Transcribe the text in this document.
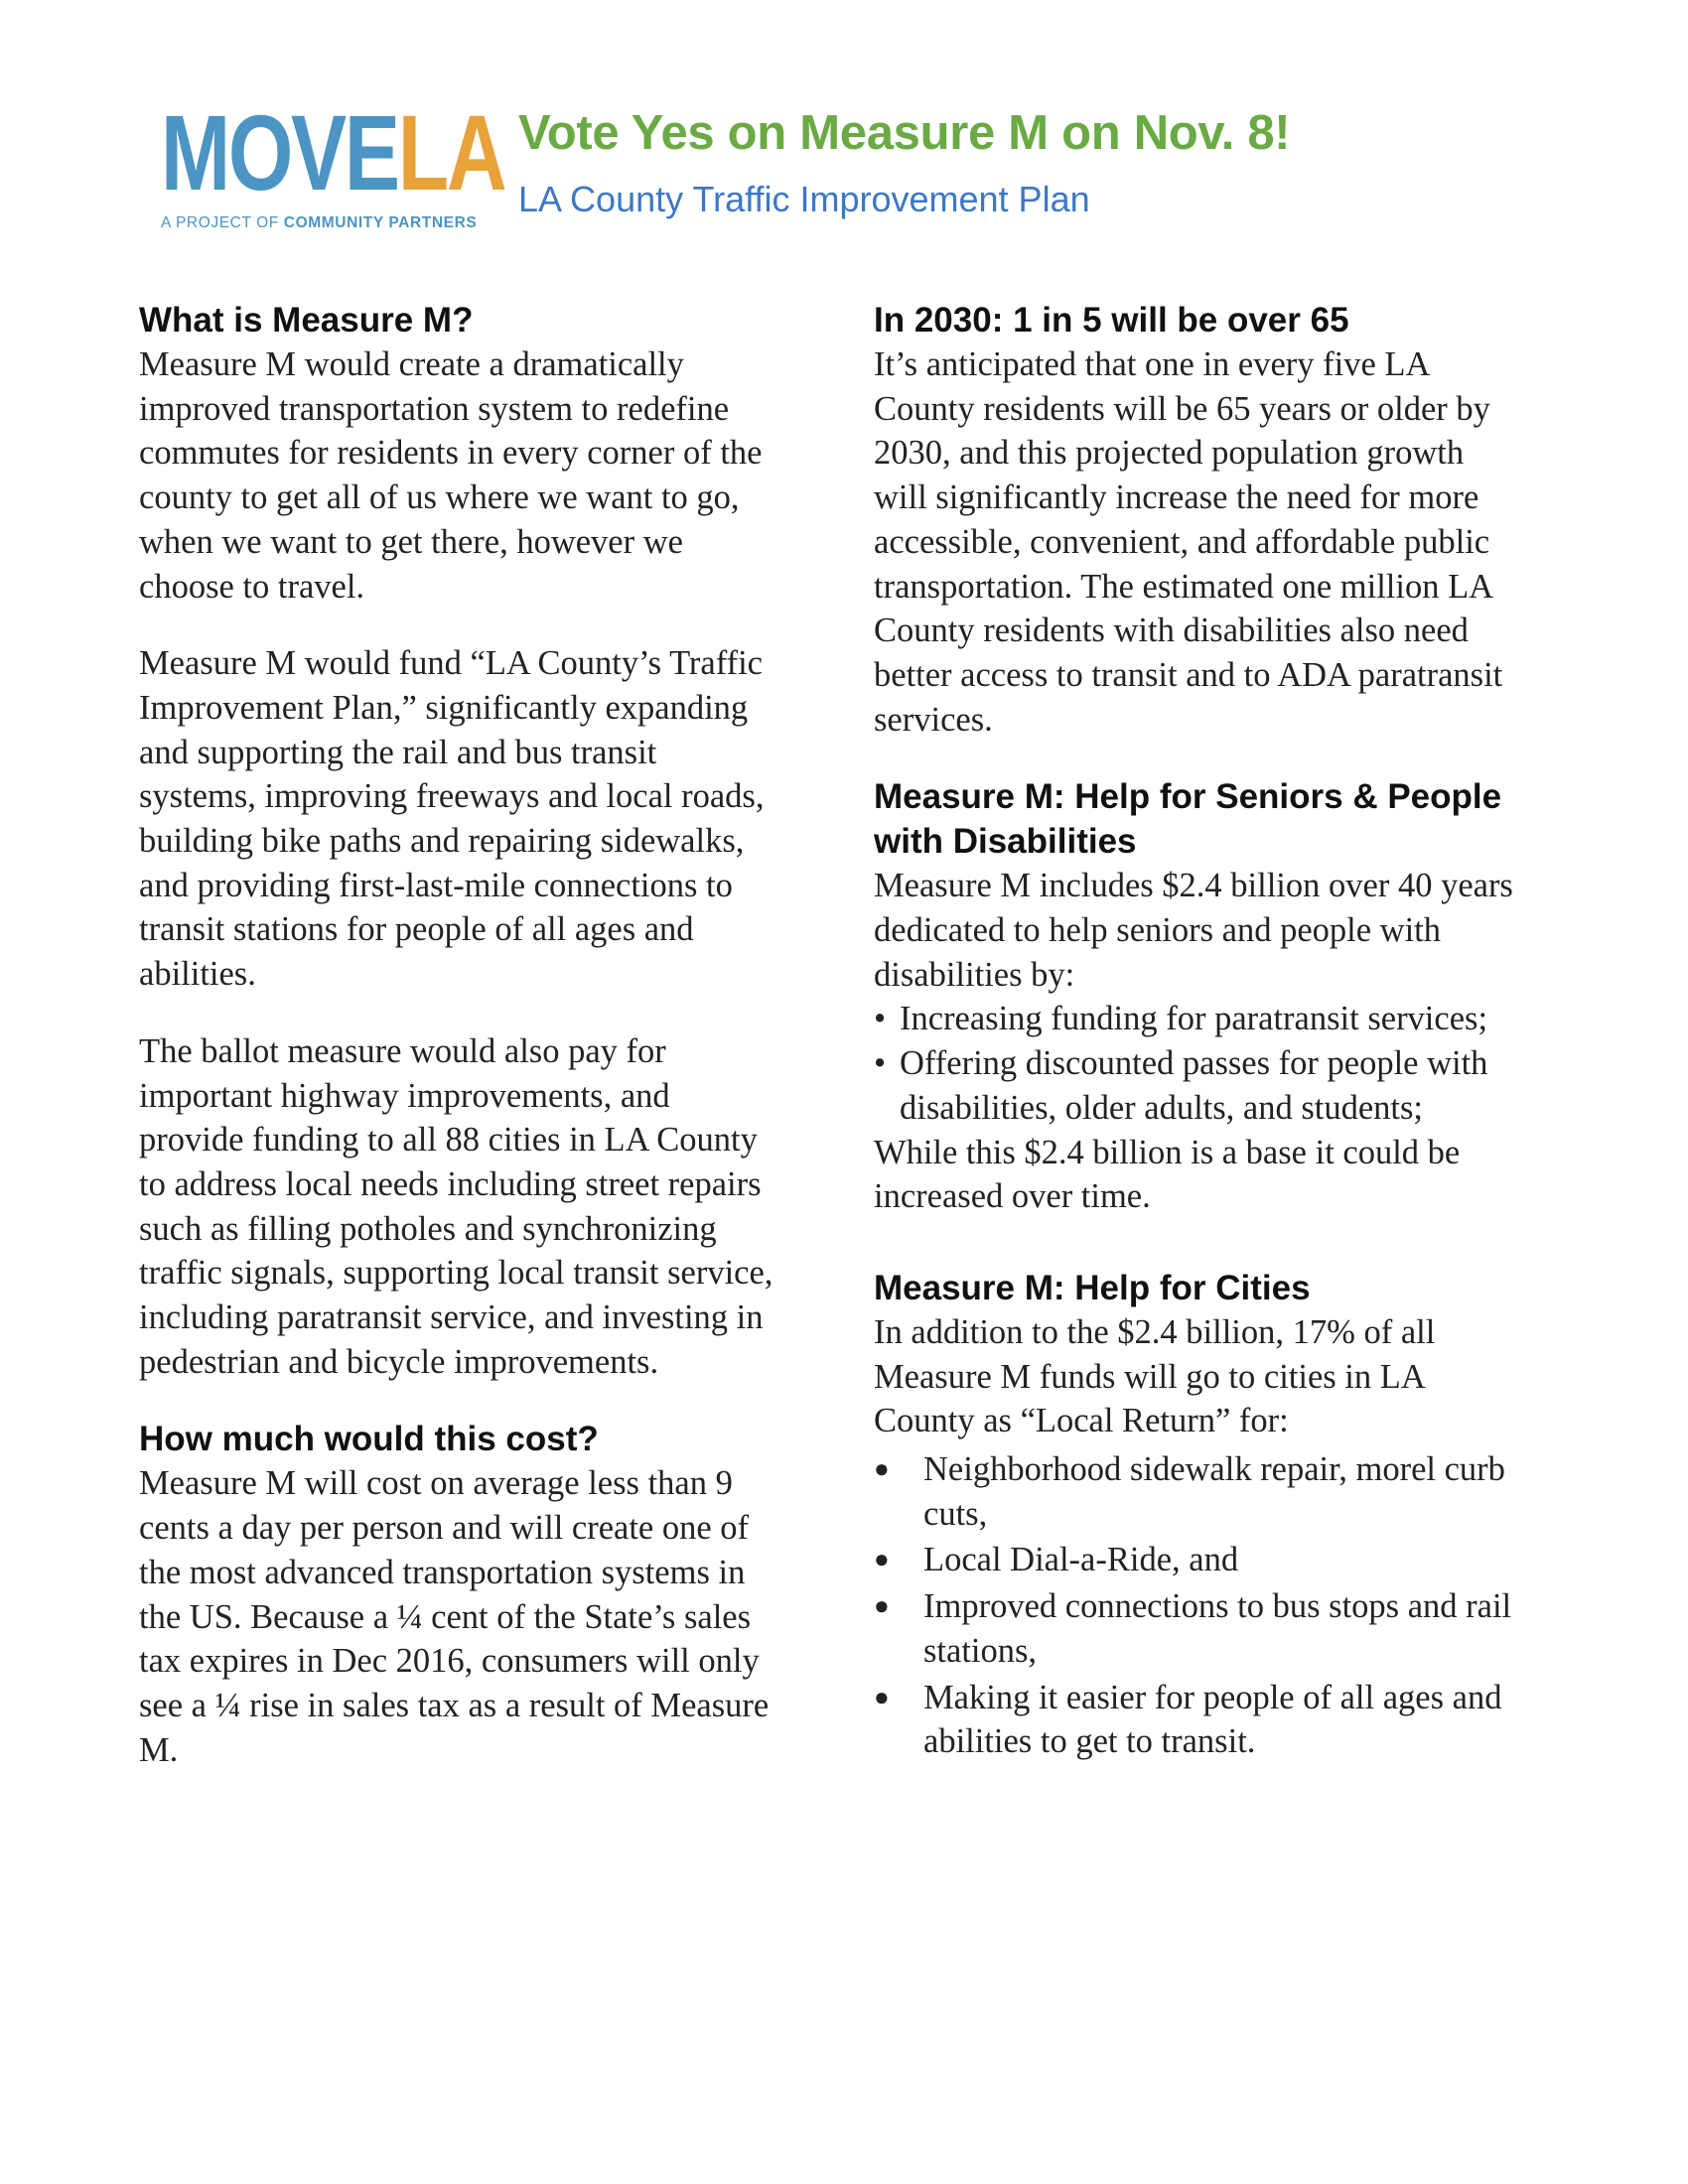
MOVELA
A PROJECT OF COMMUNITY PARTNERS
Vote Yes on Measure M on Nov. 8!
LA County Traffic Improvement Plan
What is Measure M?

Measure M would create a dramatically improved transportation system to redefine commutes for residents in every corner of the county to get all of us where we want to go, when we want to get there, however we choose to travel.

Measure M would fund “LA County’s Traffic Improvement Plan,” significantly expanding and supporting the rail and bus transit systems, improving freeways and local roads, building bike paths and repairing sidewalks, and providing first-last-mile connections to transit stations for people of all ages and abilities.

The ballot measure would also pay for important highway improvements, and provide funding to all 88 cities in LA County to address local needs including street repairs such as filling potholes and synchronizing traffic signals, supporting local transit service, including paratransit service, and investing in pedestrian and bicycle improvements.

How much would this cost?

Measure M will cost on average less than 9 cents a day per person and will create one of the most advanced transportation systems in the US. Because a ¼ cent of the State’s sales tax expires in Dec 2016, consumers will only see a ¼ rise in sales tax as a result of Measure M.

In 2030: 1 in 5 will be over 65

It’s anticipated that one in every five LA County residents will be 65 years or older by 2030, and this projected population growth will significantly increase the need for more accessible, convenient, and affordable public transportation. The estimated one million LA County residents with disabilities also need better access to transit and to ADA paratransit services.

Measure M: Help for Seniors & People with Disabilities

Measure M includes $2.4 billion over 40 years dedicated to help seniors and people with disabilities by:

• Increasing funding for paratransit services;
• Offering discounted passes for people with disabilities, older adults, and students;

While this $2.4 billion is a base it could be increased over time.

Measure M: Help for Cities

In addition to the $2.4 billion, 17% of all Measure M funds will go to cities in LA County as “Local Return” for:

● Neighborhood sidewalk repair, morel curb cuts,
● Local Dial-a-Ride, and
● Improved connections to bus stops and rail stations,
● Making it easier for people of all ages and abilities to get to transit.
